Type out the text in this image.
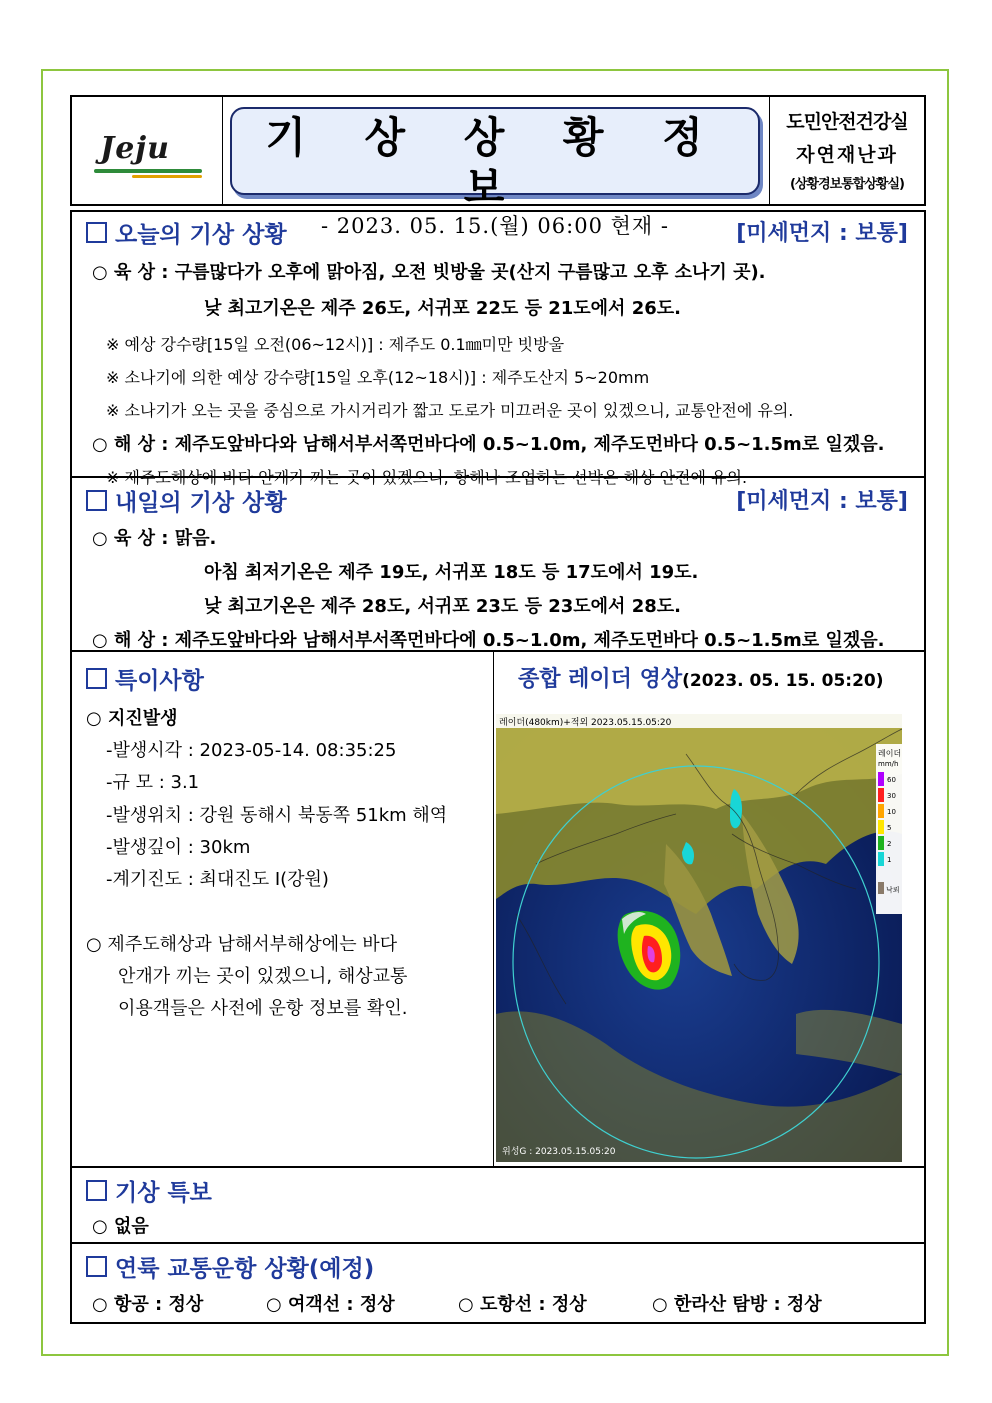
Jeju	기 상 상 황 정 보
- 2023. 05. 15.(월) 06:00 현재 -
도민안전건강실
자연재난과
(상황경보통합상황실)
오늘의 기상 상황	[미세먼지 : 보통]
○ 육 상 : 구름많다가 오후에 맑아짐, 오전 빗방울 곳(산지 구름많고 오후 소나기 곳).
낮 최고기온은 제주 26도, 서귀포 22도 등 21도에서 26도.
※ 예상 강수량[15일 오전(06~12시)] : 제주도 0.1㎜미만 빗방울
※ 소나기에 의한 예상 강수량[15일 오후(12~18시)] : 제주도산지 5~20mm
※ 소나기가 오는 곳을 중심으로 가시거리가 짧고 도로가 미끄러운 곳이 있겠으니, 교통안전에 유의.
○ 해 상 : 제주도앞바다와 남해서부서쪽먼바다에 0.5~1.0m, 제주도먼바다 0.5~1.5m로 일겠음.
※ 제주도해상에 바다 안개가 끼는 곳이 있겠으니, 항해나 조업하는 선박은 해상 안전에 유의.
내일의 기상 상황	[미세먼지 : 보통]
○ 육 상 : 맑음.
아침 최저기온은 제주 19도, 서귀포 18도 등 17도에서 19도.
낮 최고기온은 제주 28도, 서귀포 23도 등 23도에서 28도.
○ 해 상 : 제주도앞바다와 남해서부서쪽먼바다에 0.5~1.0m, 제주도먼바다 0.5~1.5m로 일겠음.
특이사항
○ 지진발생
-발생시각 : 2023-05-14. 08:35:25
-규 모 : 3.1
-발생위치 : 강원 동해시 북동쪽 51km 해역
-발생깊이 : 30km
-계기진도 : 최대진도 Ⅰ(강원)
○ 제주도해상과 남해서부해상에는 바다
안개가 끼는 곳이 있겠으니, 해상교통
이용객들은 사전에 운항 정보를 확인.
종합 레이더 영상(2023. 05. 15. 05:20)
레이더(480km)+적외 2023.05.15.05:20
레이더
mm/h
60
30
10
5
2
1
낙뢰
위성G : 2023.05.15.05:20
기상 특보
○ 없음
연륙 교통운항 상황(예정)
○ 항공 : 정상	○ 여객선 : 정상	○ 도항선 : 정상	○ 한라산 탐방 : 정상
